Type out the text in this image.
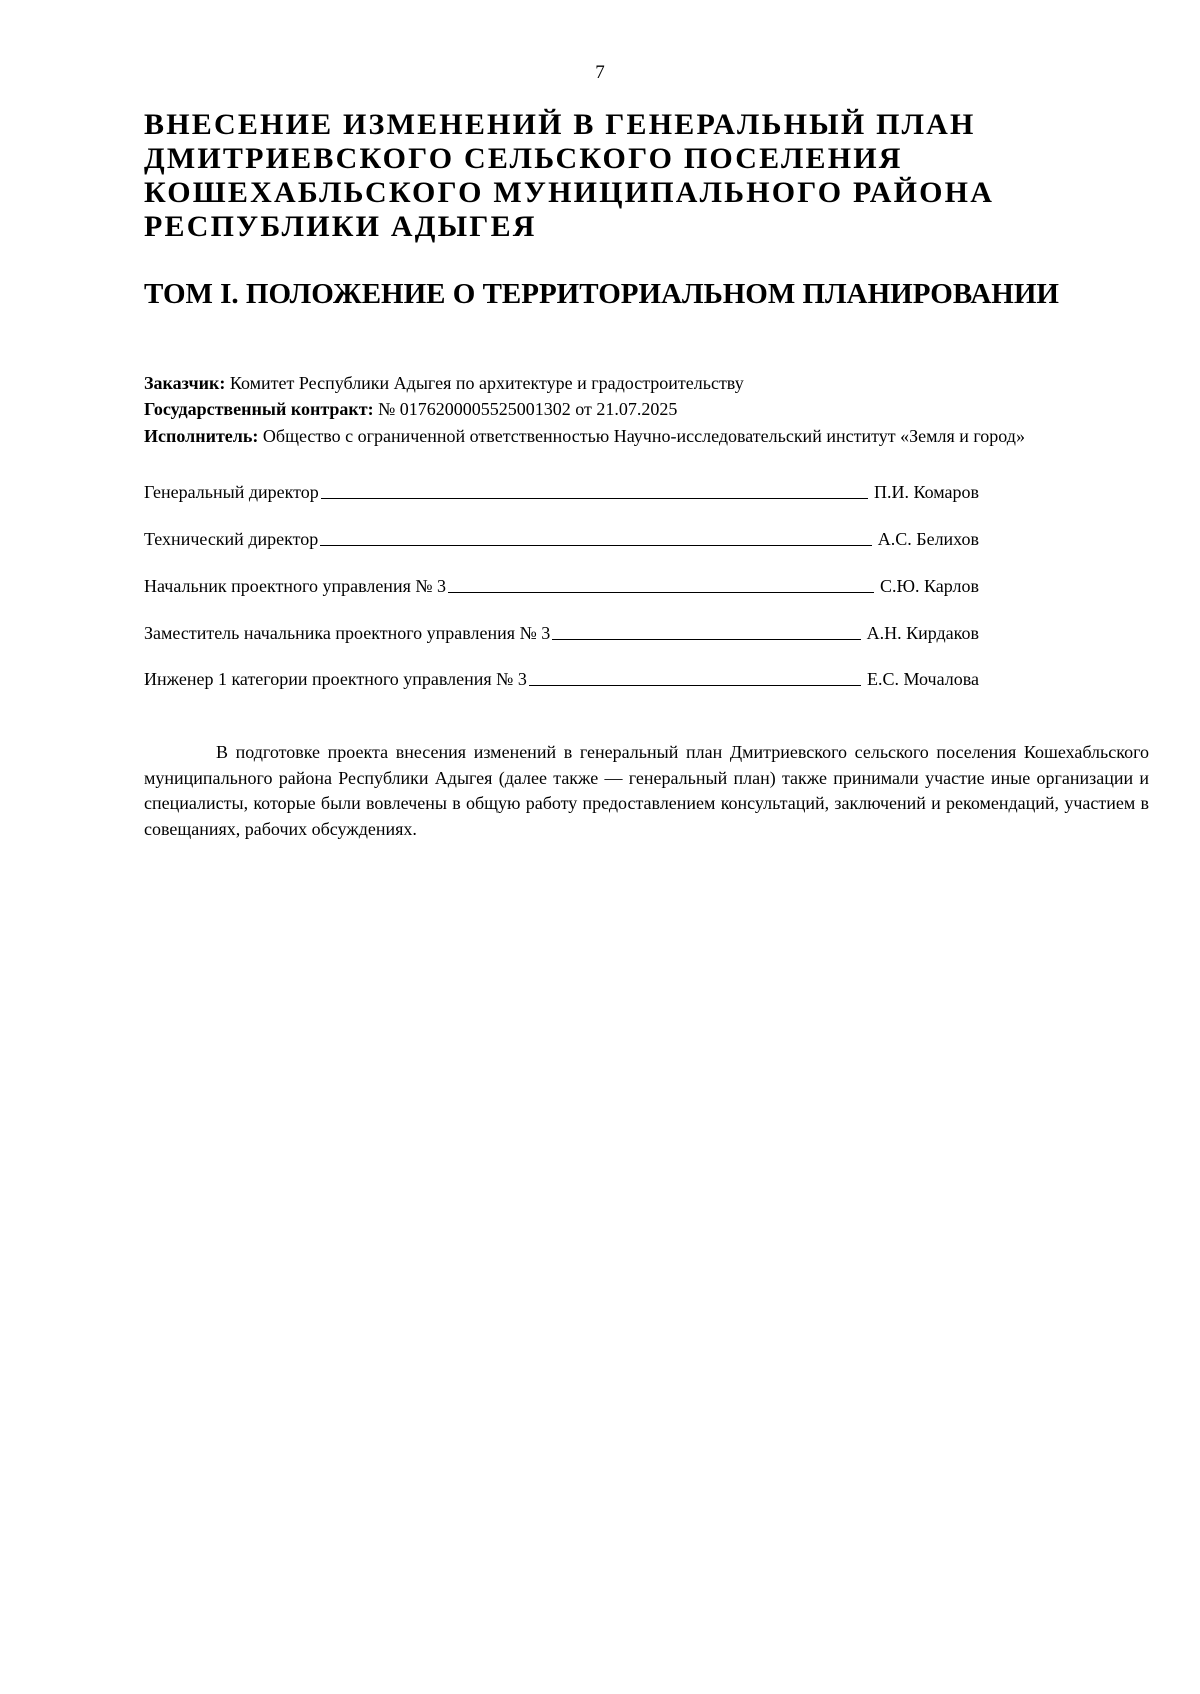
7
ВНЕСЕНИЕ ИЗМЕНЕНИЙ В ГЕНЕРАЛЬНЫЙ ПЛАН
ДМИТРИЕВСКОГО СЕЛЬСКОГО ПОСЕЛЕНИЯ
КОШЕХАБЛЬСКОГО МУНИЦИПАЛЬНОГО РАЙОНА
РЕСПУБЛИКИ АДЫГЕЯ
ТОМ I. ПОЛОЖЕНИЕ О ТЕРРИТОРИАЛЬНОМ ПЛАНИРОВАНИИ
Заказчик: Комитет Республики Адыгея по архитектуре и градостроительству
Государственный контракт: № 0176200005525001302 от 21.07.2025
Исполнитель: Общество с ограниченной ответственностью Научно-исследовательский институт «Земля и город»
Генеральный директор	П.И. Комаров
Технический директор	А.С. Белихов
Начальник проектного управления № 3	С.Ю. Карлов
Заместитель начальника проектного управления № 3	А.Н. Кирдаков
Инженер 1 категории проектного управления № 3	Е.С. Мочалова

В подготовке проекта внесения изменений в генеральный план Дмитриевского сельского поселения Кошехабльского муниципального района Республики Адыгея (далее также — генеральный план) также принимали участие иные организации и специалисты, которые были вовлечены в общую работу предоставлением консультаций, заключений и рекомендаций, участием в совещаниях, рабочих обсуждениях.
